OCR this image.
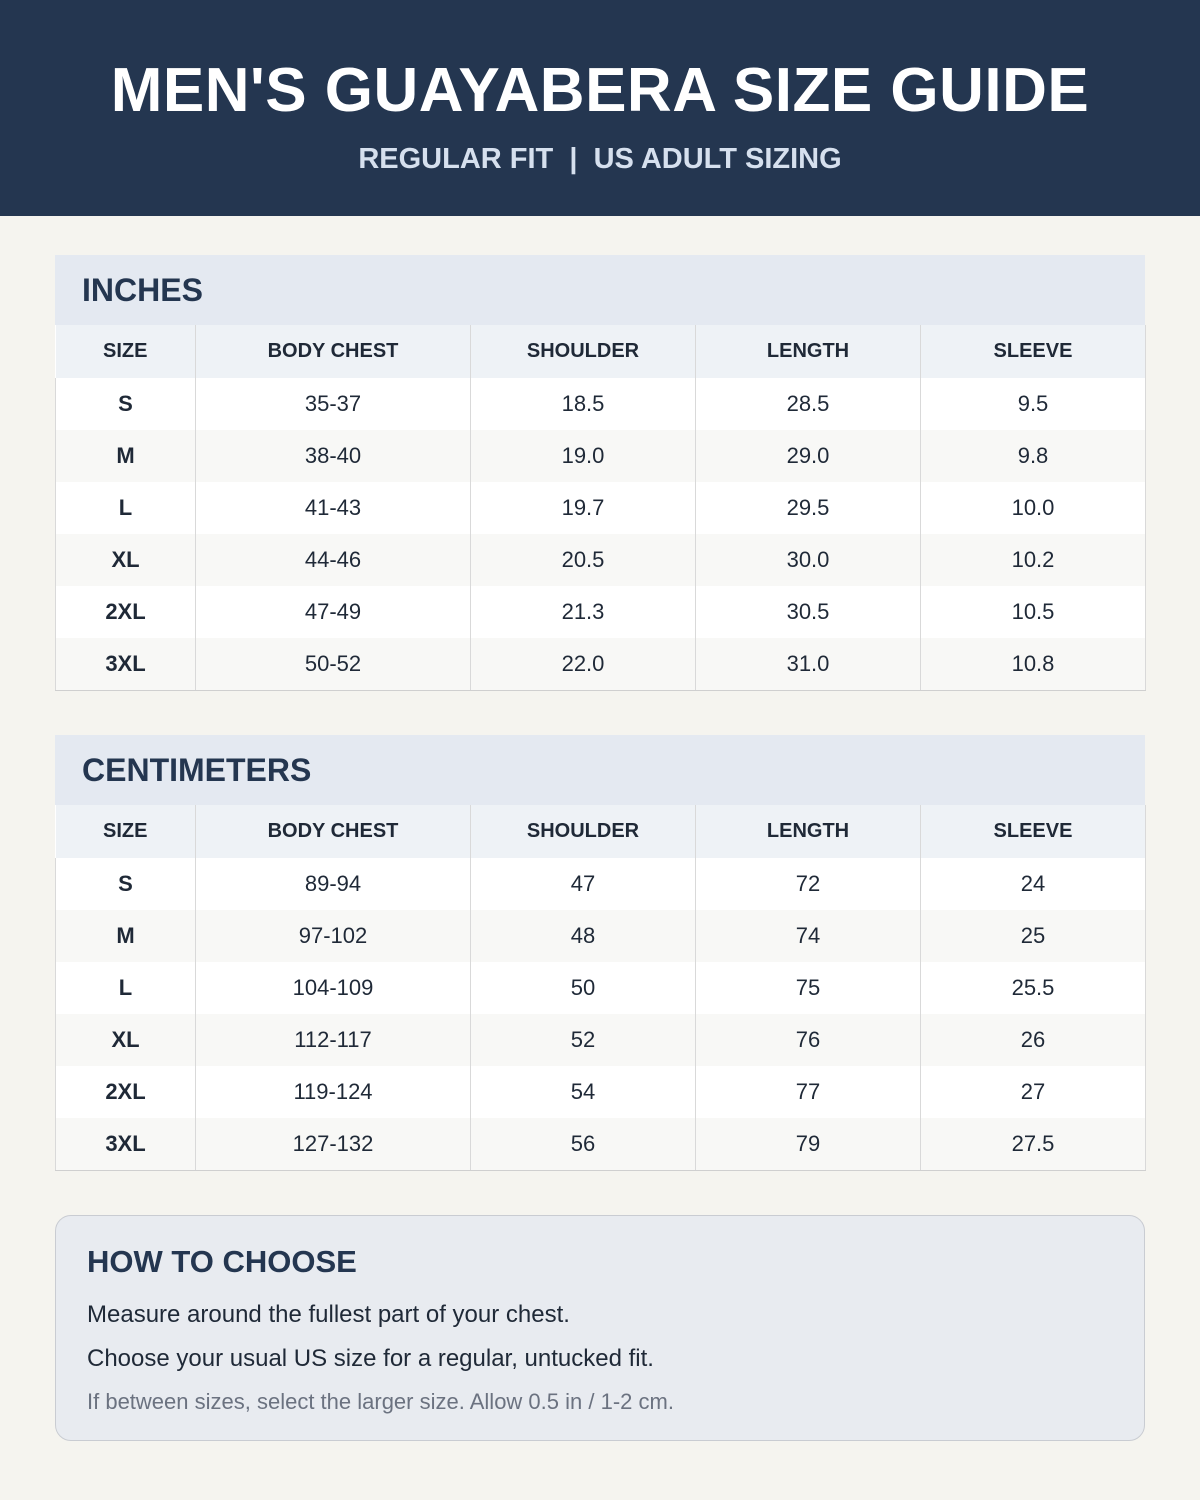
MEN'S GUAYABERA SIZE GUIDE
REGULAR FIT  |  US ADULT SIZING
INCHES
SIZE	BODY CHEST	SHOULDER	LENGTH	SLEEVE
S	35-37	18.5	28.5	9.5
M	38-40	19.0	29.0	9.8
L	41-43	19.7	29.5	10.0
XL	44-46	20.5	30.0	10.2
2XL	47-49	21.3	30.5	10.5
3XL	50-52	22.0	31.0	10.8
CENTIMETERS
SIZE	BODY CHEST	SHOULDER	LENGTH	SLEEVE
S	89-94	47	72	24
M	97-102	48	74	25
L	104-109	50	75	25.5
XL	112-117	52	76	26
2XL	119-124	54	77	27
3XL	127-132	56	79	27.5
HOW TO CHOOSE
Measure around the fullest part of your chest.
Choose your usual US size for a regular, untucked fit.
If between sizes, select the larger size. Allow 0.5 in / 1-2 cm.
